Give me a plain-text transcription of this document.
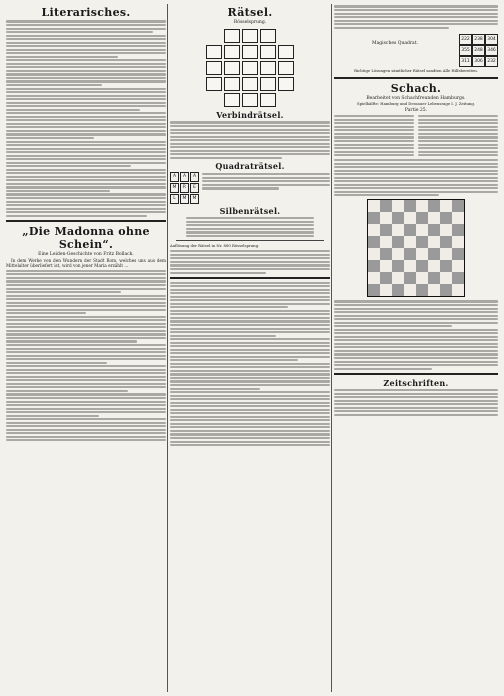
Literarisches.
„Die Madonna ohne Schein“.
Eine Leiden-Geschichte von Fritz Bollack.
In dem Werke von den Wundern der Stadt Rom, welches uns aus dem Mittelalter überliefert ist, wird von jener Maria erzählt ...
Rätsel.
Rösselsprung.
Verbindrätsel.
Quadraträtsel.
A	A	A
M	R	E
L	M	M
Silbenrätsel.
Auflösung der Rätsel in Nr. 860 Rösselsprung.
Magisches Quadrat.
222 238 304
355 248 346
311 306 232
Richtige Lösungen sämtlicher Rätsel sandten Alle Hilfsbereiten.
Schach.
Bearbeitet von Schachfreunden Hamburgs.
Spielhälfte: Hamburg und Dessauer Lebensrage I. J. Zeitung.
Partie 25.
Zeitschriften.
